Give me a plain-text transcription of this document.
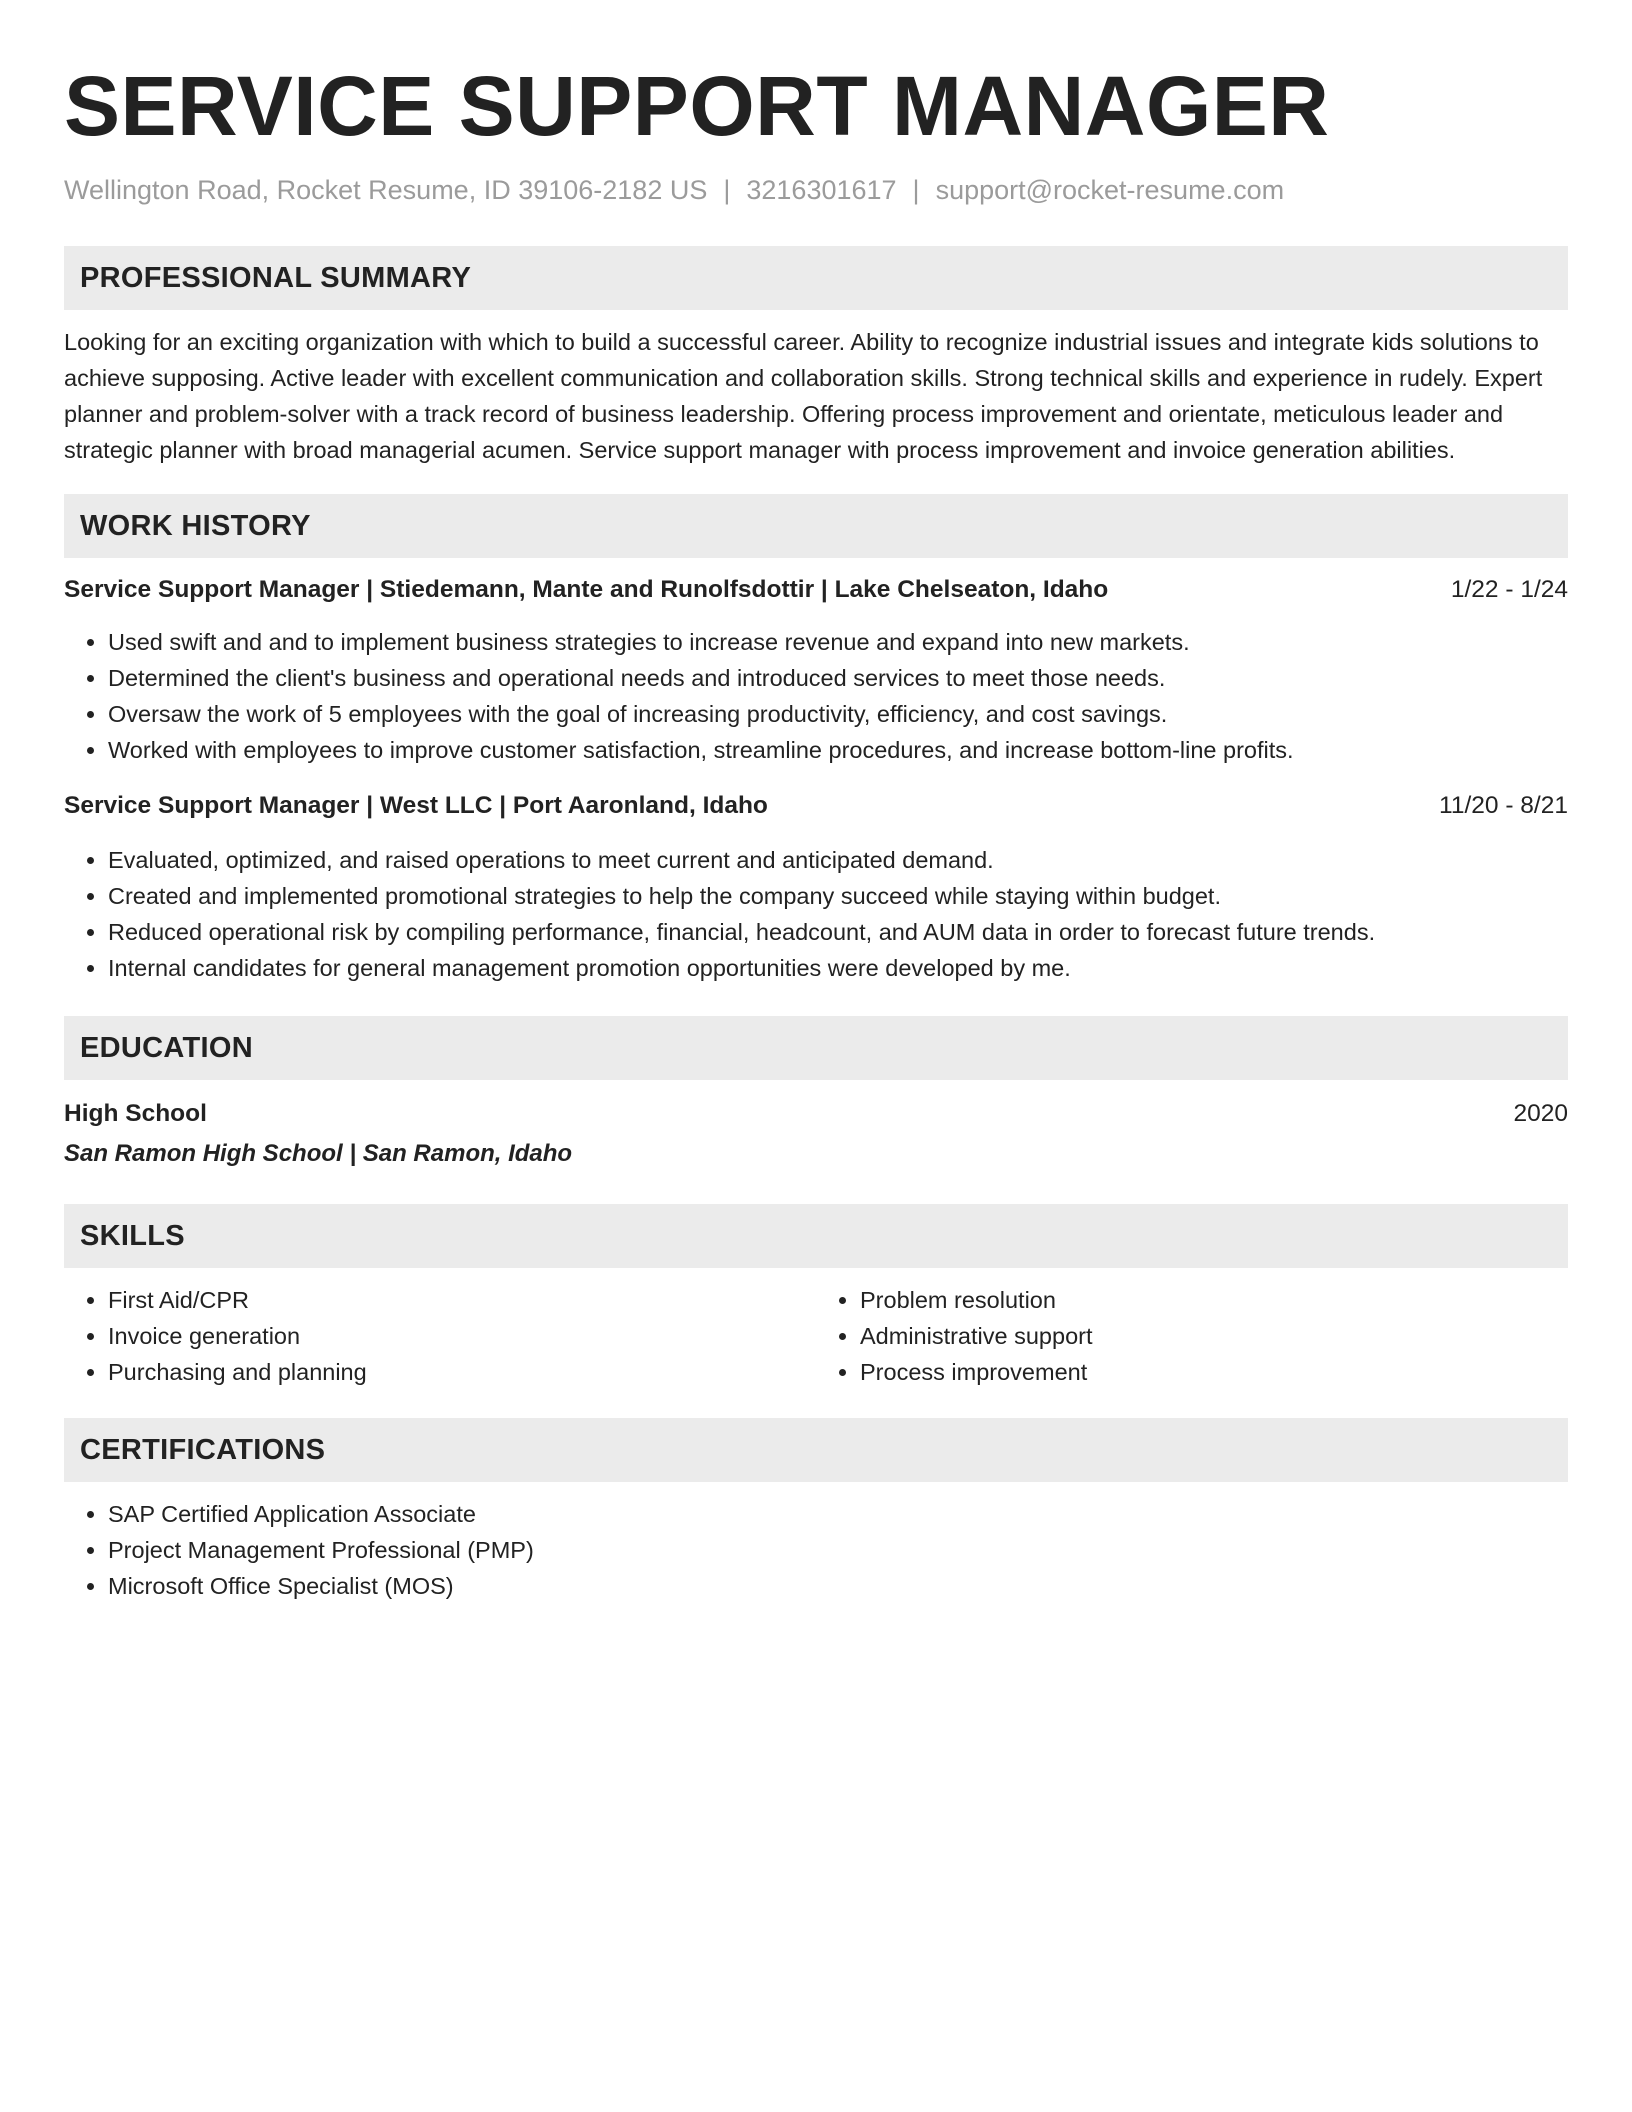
SERVICE SUPPORT MANAGER
Wellington Road, Rocket Resume, ID 39106-2182 US | 3216301617 | support@rocket-resume.com
PROFESSIONAL SUMMARY
Looking for an exciting organization with which to build a successful career. Ability to recognize industrial issues and integrate kids solutions to achieve supposing. Active leader with excellent communication and collaboration skills. Strong technical skills and experience in rudely. Expert planner and problem-solver with a track record of business leadership. Offering process improvement and orientate, meticulous leader and strategic planner with broad managerial acumen. Service support manager with process improvement and invoice generation abilities.
WORK HISTORY
Service Support Manager | Stiedemann, Mante and Runolfsdottir | Lake Chelseaton, Idaho	1/22 - 1/24
• Used swift and and to implement business strategies to increase revenue and expand into new markets.
• Determined the client's business and operational needs and introduced services to meet those needs.
• Oversaw the work of 5 employees with the goal of increasing productivity, efficiency, and cost savings.
• Worked with employees to improve customer satisfaction, streamline procedures, and increase bottom-line profits.
Service Support Manager | West LLC | Port Aaronland, Idaho	11/20 - 8/21
• Evaluated, optimized, and raised operations to meet current and anticipated demand.
• Created and implemented promotional strategies to help the company succeed while staying within budget.
• Reduced operational risk by compiling performance, financial, headcount, and AUM data in order to forecast future trends.
• Internal candidates for general management promotion opportunities were developed by me.
EDUCATION
High School	2020
San Ramon High School | San Ramon, Idaho
SKILLS
• First Aid/CPR
• Invoice generation
• Purchasing and planning
• Problem resolution
• Administrative support
• Process improvement
CERTIFICATIONS
• SAP Certified Application Associate
• Project Management Professional (PMP)
• Microsoft Office Specialist (MOS)
